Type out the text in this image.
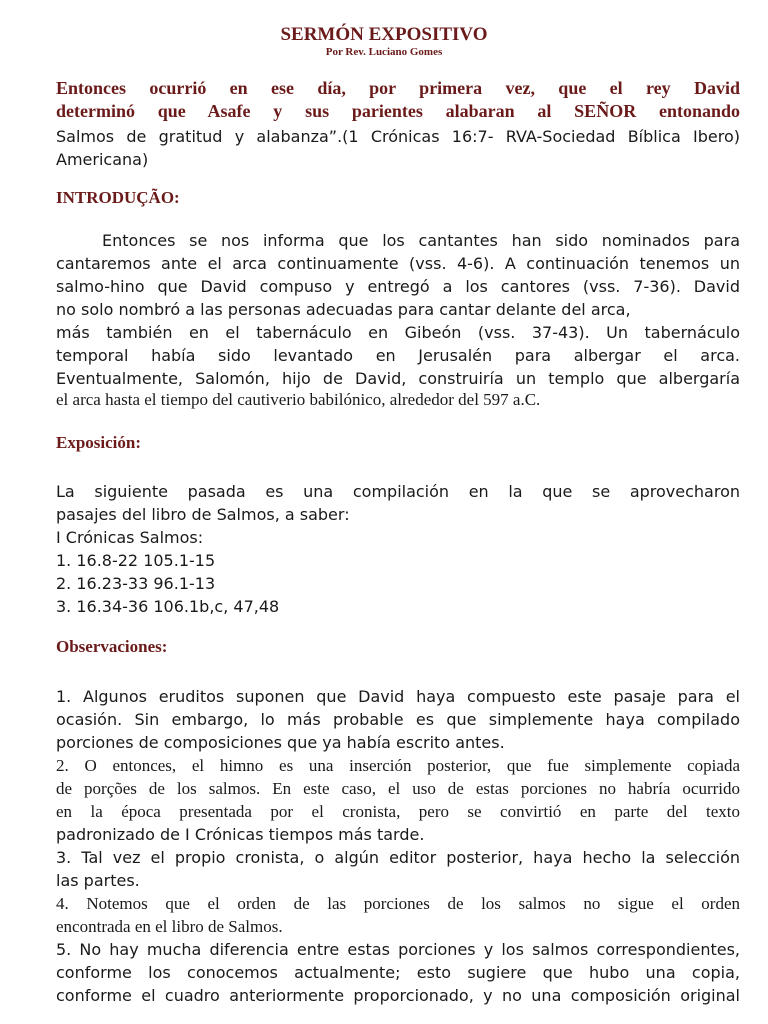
SERMÓN EXPOSITIVO
Por Rev. Luciano Gomes
Entonces ocurrió en ese día, por primera vez, que el rey David
determinó que Asafe y sus parientes alabaran al SEÑOR entonando
Salmos de gratitud y alabanza”.(1 Crónicas 16:7- RVA-Sociedad Bíblica Ibero)
Americana)
INTRODUÇÃO:
Entonces se nos informa que los cantantes han sido nominados para
cantaremos ante el arca continuamente (vss. 4-6). A continuación tenemos un
salmo-hino que David compuso y entregó a los cantores (vss. 7-36). David
no solo nombró a las personas adecuadas para cantar delante del arca,
más también en el tabernáculo en Gibeón (vss. 37-43). Un tabernáculo
temporal había sido levantado en Jerusalén para albergar el arca.
Eventualmente, Salomón, hijo de David, construiría un templo que albergaría
el arca hasta el tiempo del cautiverio babilónico, alrededor del 597 a.C.
Exposición:
La siguiente pasada es una compilación en la que se aprovecharon
pasajes del libro de Salmos, a saber:
I Crónicas Salmos:
1. 16.8-22 105.1-15
2. 16.23-33 96.1-13
3. 16.34-36 106.1b,c, 47,48
Observaciones:
1. Algunos eruditos suponen que David haya compuesto este pasaje para el
ocasión. Sin embargo, lo más probable es que simplemente haya compilado
porciones de composiciones que ya había escrito antes.
2. O entonces, el himno es una inserción posterior, que fue simplemente copiada
de porções de los salmos. En este caso, el uso de estas porciones no habría ocurrido
en la época presentada por el cronista, pero se convirtió en parte del texto
padronizado de I Crónicas tiempos más tarde.
3. Tal vez el propio cronista, o algún editor posterior, haya hecho la selección
las partes.
4. Notemos que el orden de las porciones de los salmos no sigue el orden
encontrada en el libro de Salmos.
5. No hay mucha diferencia entre estas porciones y los salmos correspondientes,
conforme los conocemos actualmente; esto sugiere que hubo una copia,
conforme el cuadro anteriormente proporcionado, y no una composición original
